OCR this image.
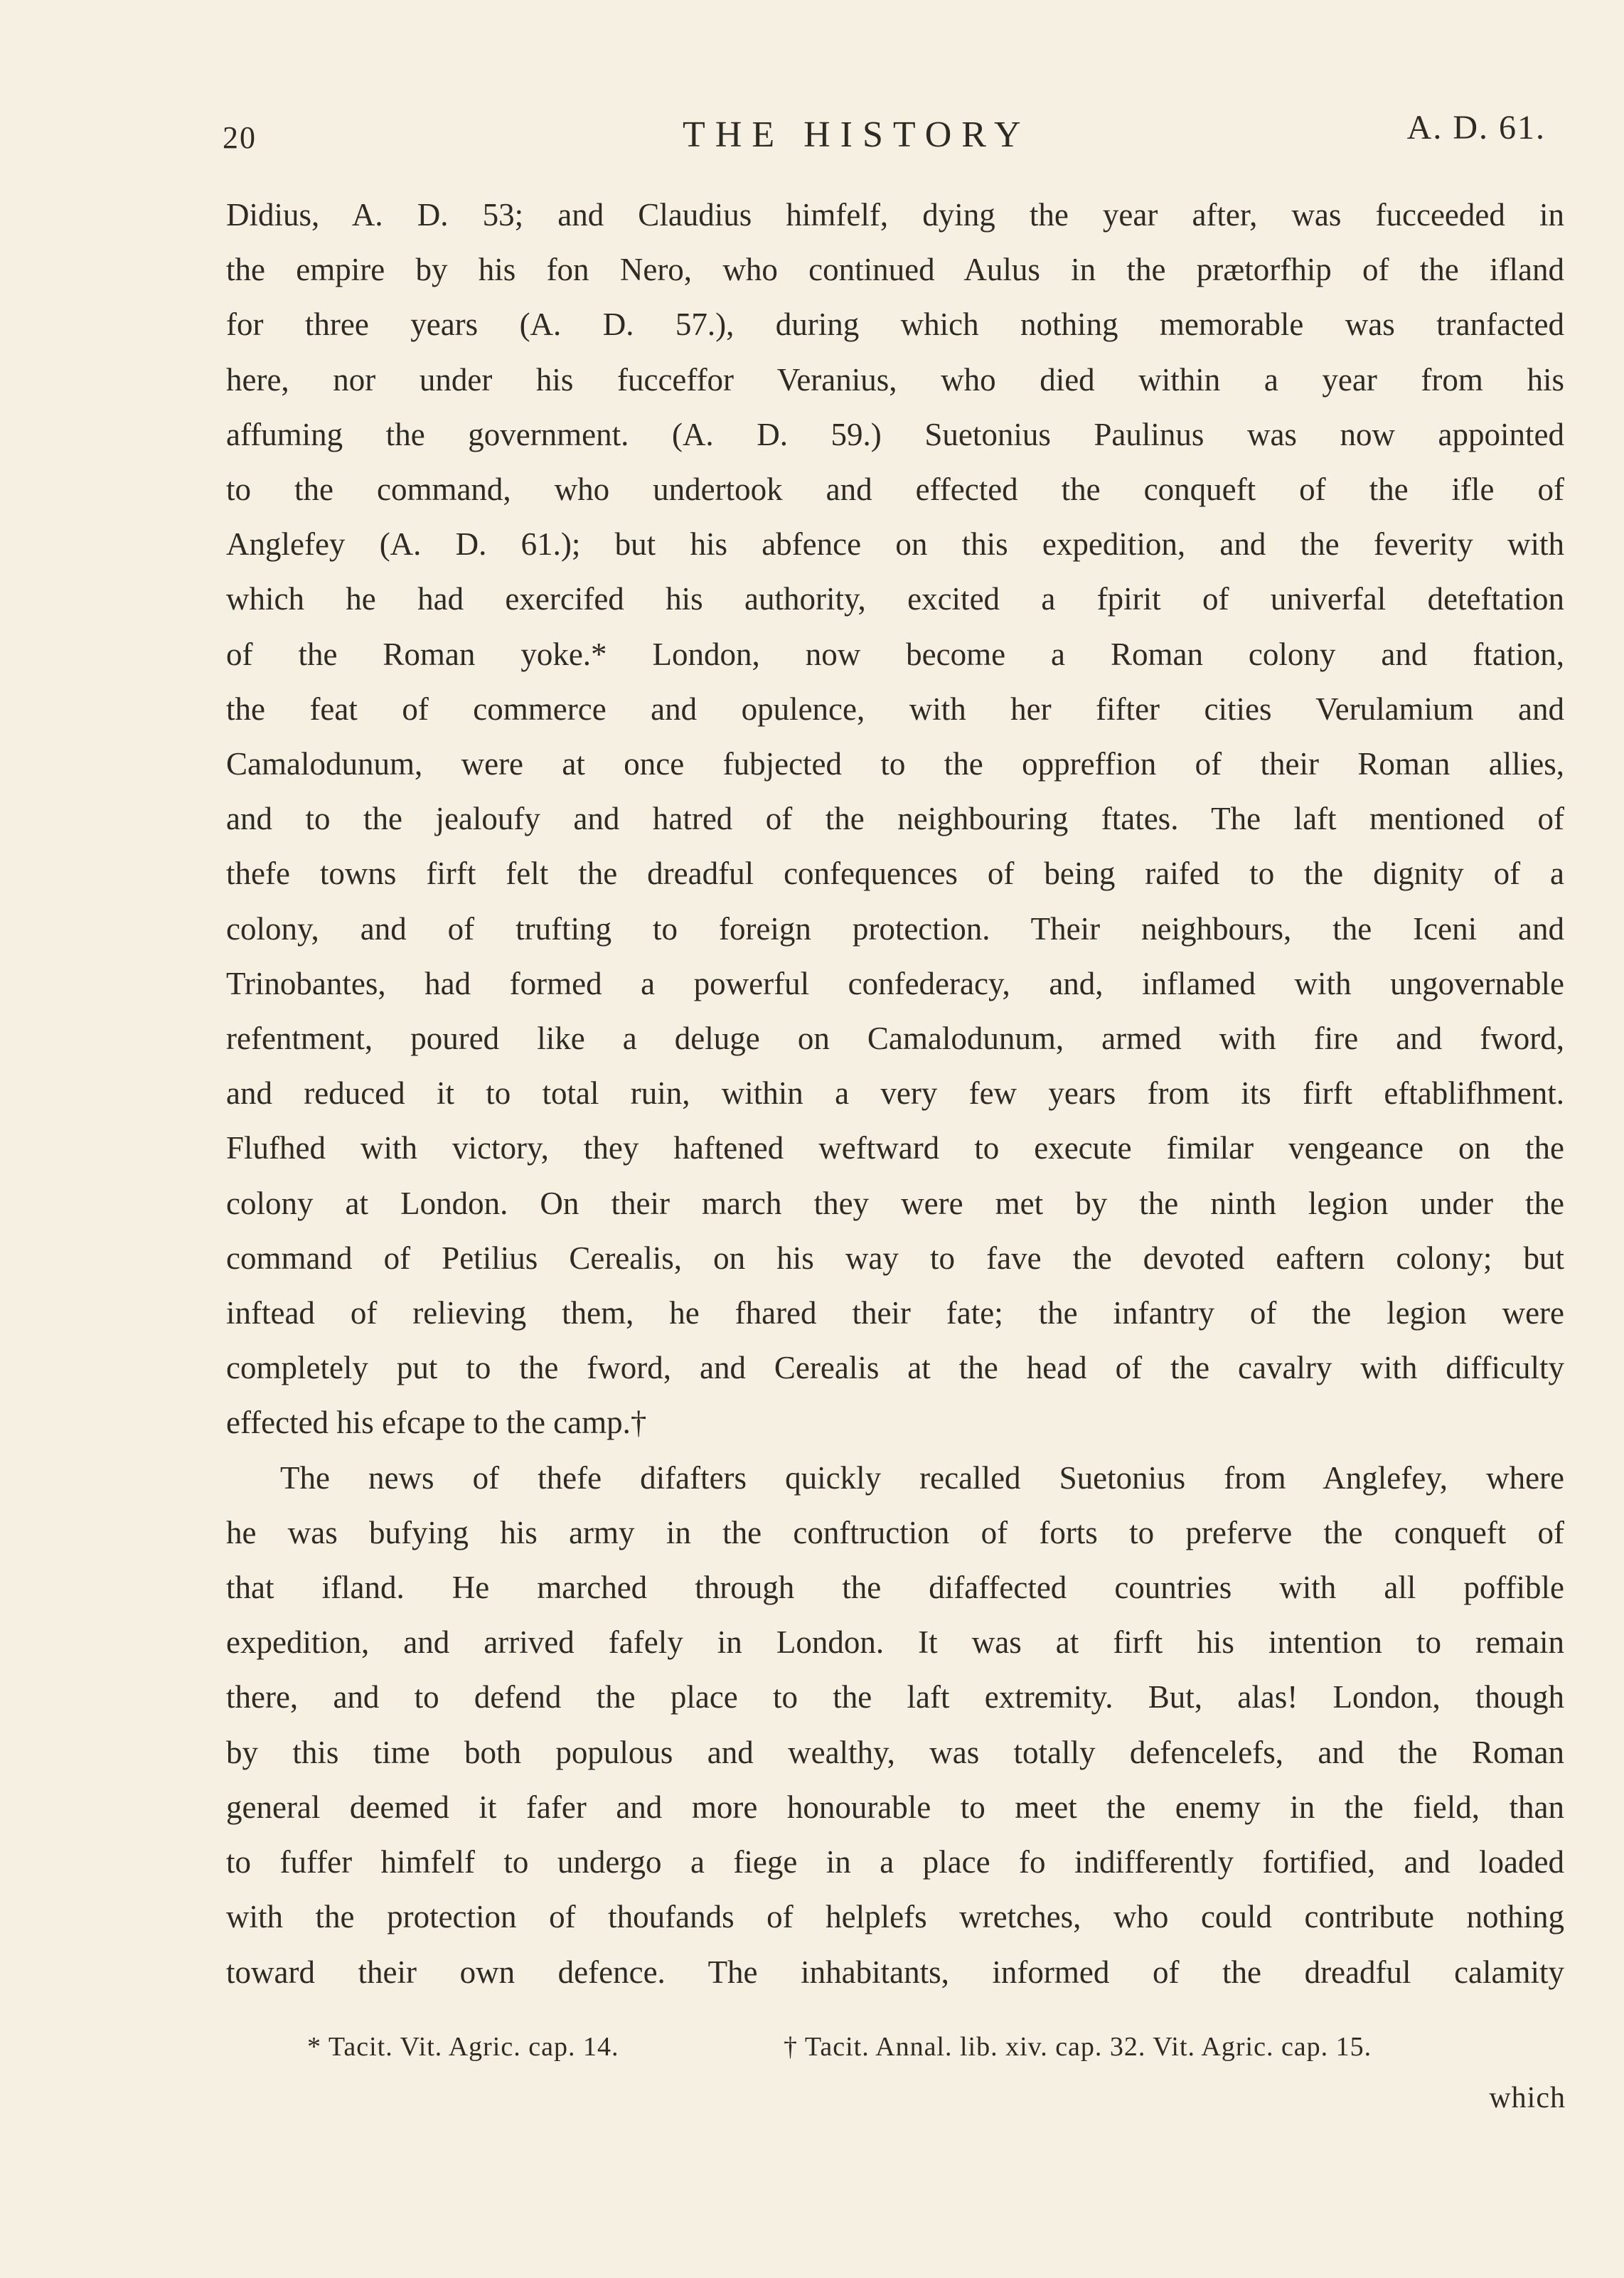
20	THE HISTORY	A. D. 61.
Didius, A. D. 53; and Claudius himfelf, dying the year after, was fucceeded in
the empire by his fon Nero, who continued Aulus in the prætorfhip of the ifland
for three years (A. D. 57.), during which nothing memorable was tranfacted
here, nor under his fucceffor Veranius, who died within a year from his
affuming the government. (A. D. 59.) Suetonius Paulinus was now appointed
to the command, who undertook and effected the conqueft of the ifle of
Anglefey (A. D. 61.); but his abfence on this expedition, and the feverity with
which he had exercifed his authority, excited a fpirit of univerfal deteftation
of the Roman yoke.* London, now become a Roman colony and ftation,
the feat of commerce and opulence, with her fifter cities Verulamium and
Camalodunum, were at once fubjected to the oppreffion of their Roman allies,
and to the jealoufy and hatred of the neighbouring ftates. The laft mentioned of
thefe towns firft felt the dreadful confequences of being raifed to the dignity of a
colony, and of trufting to foreign protection. Their neighbours, the Iceni and
Trinobantes, had formed a powerful confederacy, and, inflamed with ungovernable
refentment, poured like a deluge on Camalodunum, armed with fire and fword,
and reduced it to total ruin, within a very few years from its firft eftablifhment.
Flufhed with victory, they haftened weftward to execute fimilar vengeance on the
colony at London. On their march they were met by the ninth legion under the
command of Petilius Cerealis, on his way to fave the devoted eaftern colony; but
inftead of relieving them, he fhared their fate; the infantry of the legion were
completely put to the fword, and Cerealis at the head of the cavalry with difficulty
effected his efcape to the camp.†
The news of thefe difafters quickly recalled Suetonius from Anglefey, where
he was bufying his army in the conftruction of forts to preferve the conqueft of
that ifland. He marched through the difaffected countries with all poffible
expedition, and arrived fafely in London. It was at firft his intention to remain
there, and to defend the place to the laft extremity. But, alas! London, though
by this time both populous and wealthy, was totally defencelefs, and the Roman
general deemed it fafer and more honourable to meet the enemy in the field, than
to fuffer himfelf to undergo a fiege in a place fo indifferently fortified, and loaded
with the protection of thoufands of helplefs wretches, who could contribute nothing
toward their own defence. The inhabitants, informed of the dreadful calamity
* Tacit. Vit. Agric. cap. 14.	† Tacit. Annal. lib. xiv. cap. 32. Vit. Agric. cap. 15.
which
